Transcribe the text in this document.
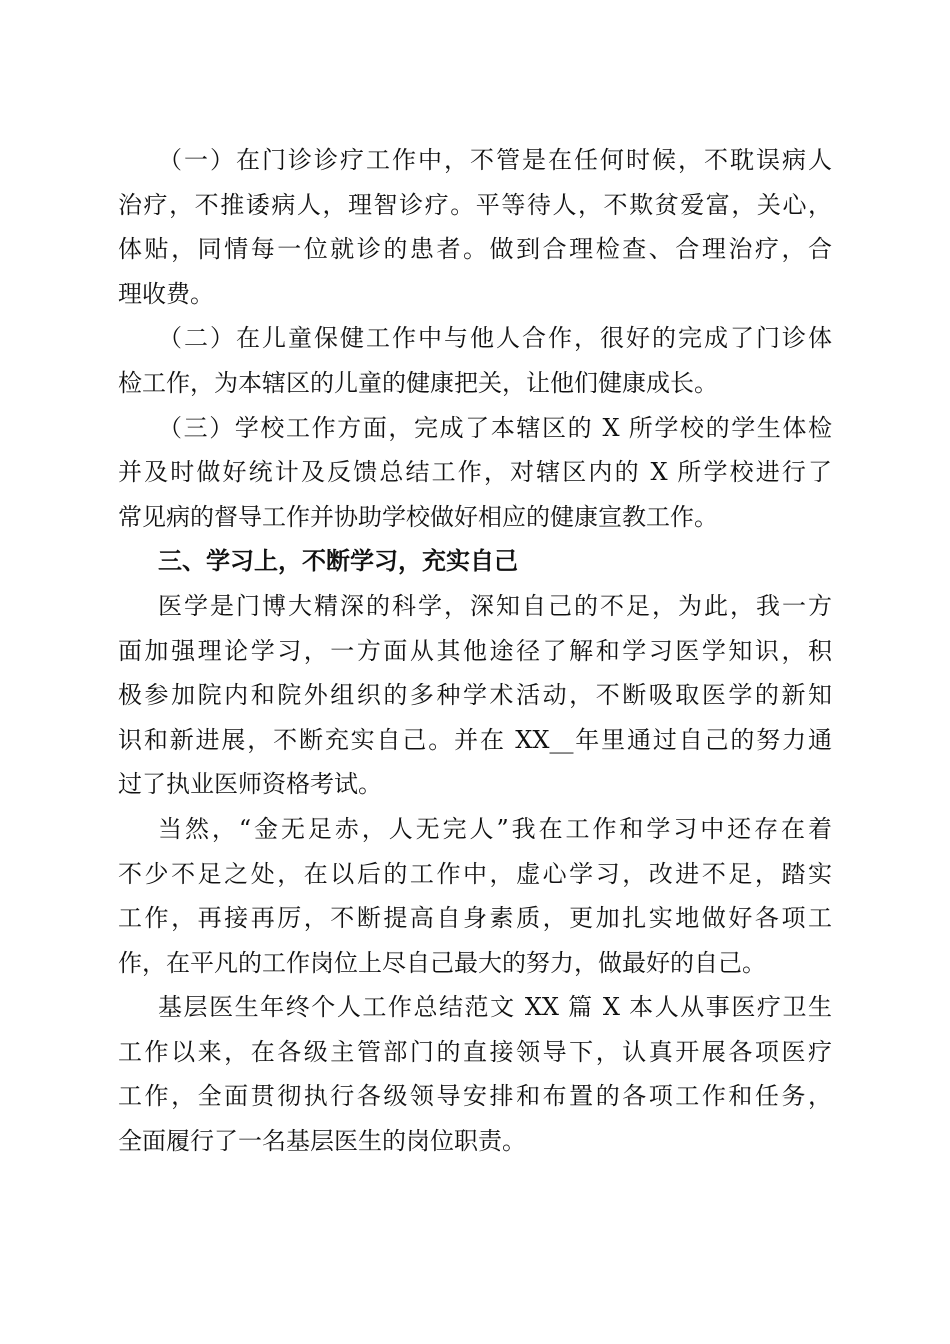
（一）在门诊诊疗工作中，不管是在任何时候，不耽误病人
治疗，不推诿病人，理智诊疗。平等待人，不欺贫爱富，关心，
体贴，同情每一位就诊的患者。做到合理检查、合理治疗，合
理收费。
（二）在儿童保健工作中与他人合作，很好的完成了门诊体
检工作，为本辖区的儿童的健康把关，让他们健康成长。
（三）学校工作方面，完成了本辖区的 X 所学校的学生体检
并及时做好统计及反馈总结工作，对辖区内的 X 所学校进行了
常见病的督导工作并协助学校做好相应的健康宣教工作。
三、学习上，不断学习，充实自己
医学是门博大精深的科学，深知自己的不足，为此，我一方
面加强理论学习，一方面从其他途径了解和学习医学知识，积
极参加院内和院外组织的多种学术活动，不断吸取医学的新知
识和新进展，不断充实自己。并在 XX__年里通过自己的努力通
过了执业医师资格考试。
当然，“金无足赤，人无完人”我在工作和学习中还存在着
不少不足之处，在以后的工作中，虚心学习，改进不足，踏实
工作，再接再厉，不断提高自身素质，更加扎实地做好各项工
作，在平凡的工作岗位上尽自己最大的努力，做最好的自己。
基层医生年终个人工作总结范文 XX 篇 X 本人从事医疗卫生
工作以来，在各级主管部门的直接领导下，认真开展各项医疗
工作，全面贯彻执行各级领导安排和布置的各项工作和任务，
全面履行了一名基层医生的岗位职责。
